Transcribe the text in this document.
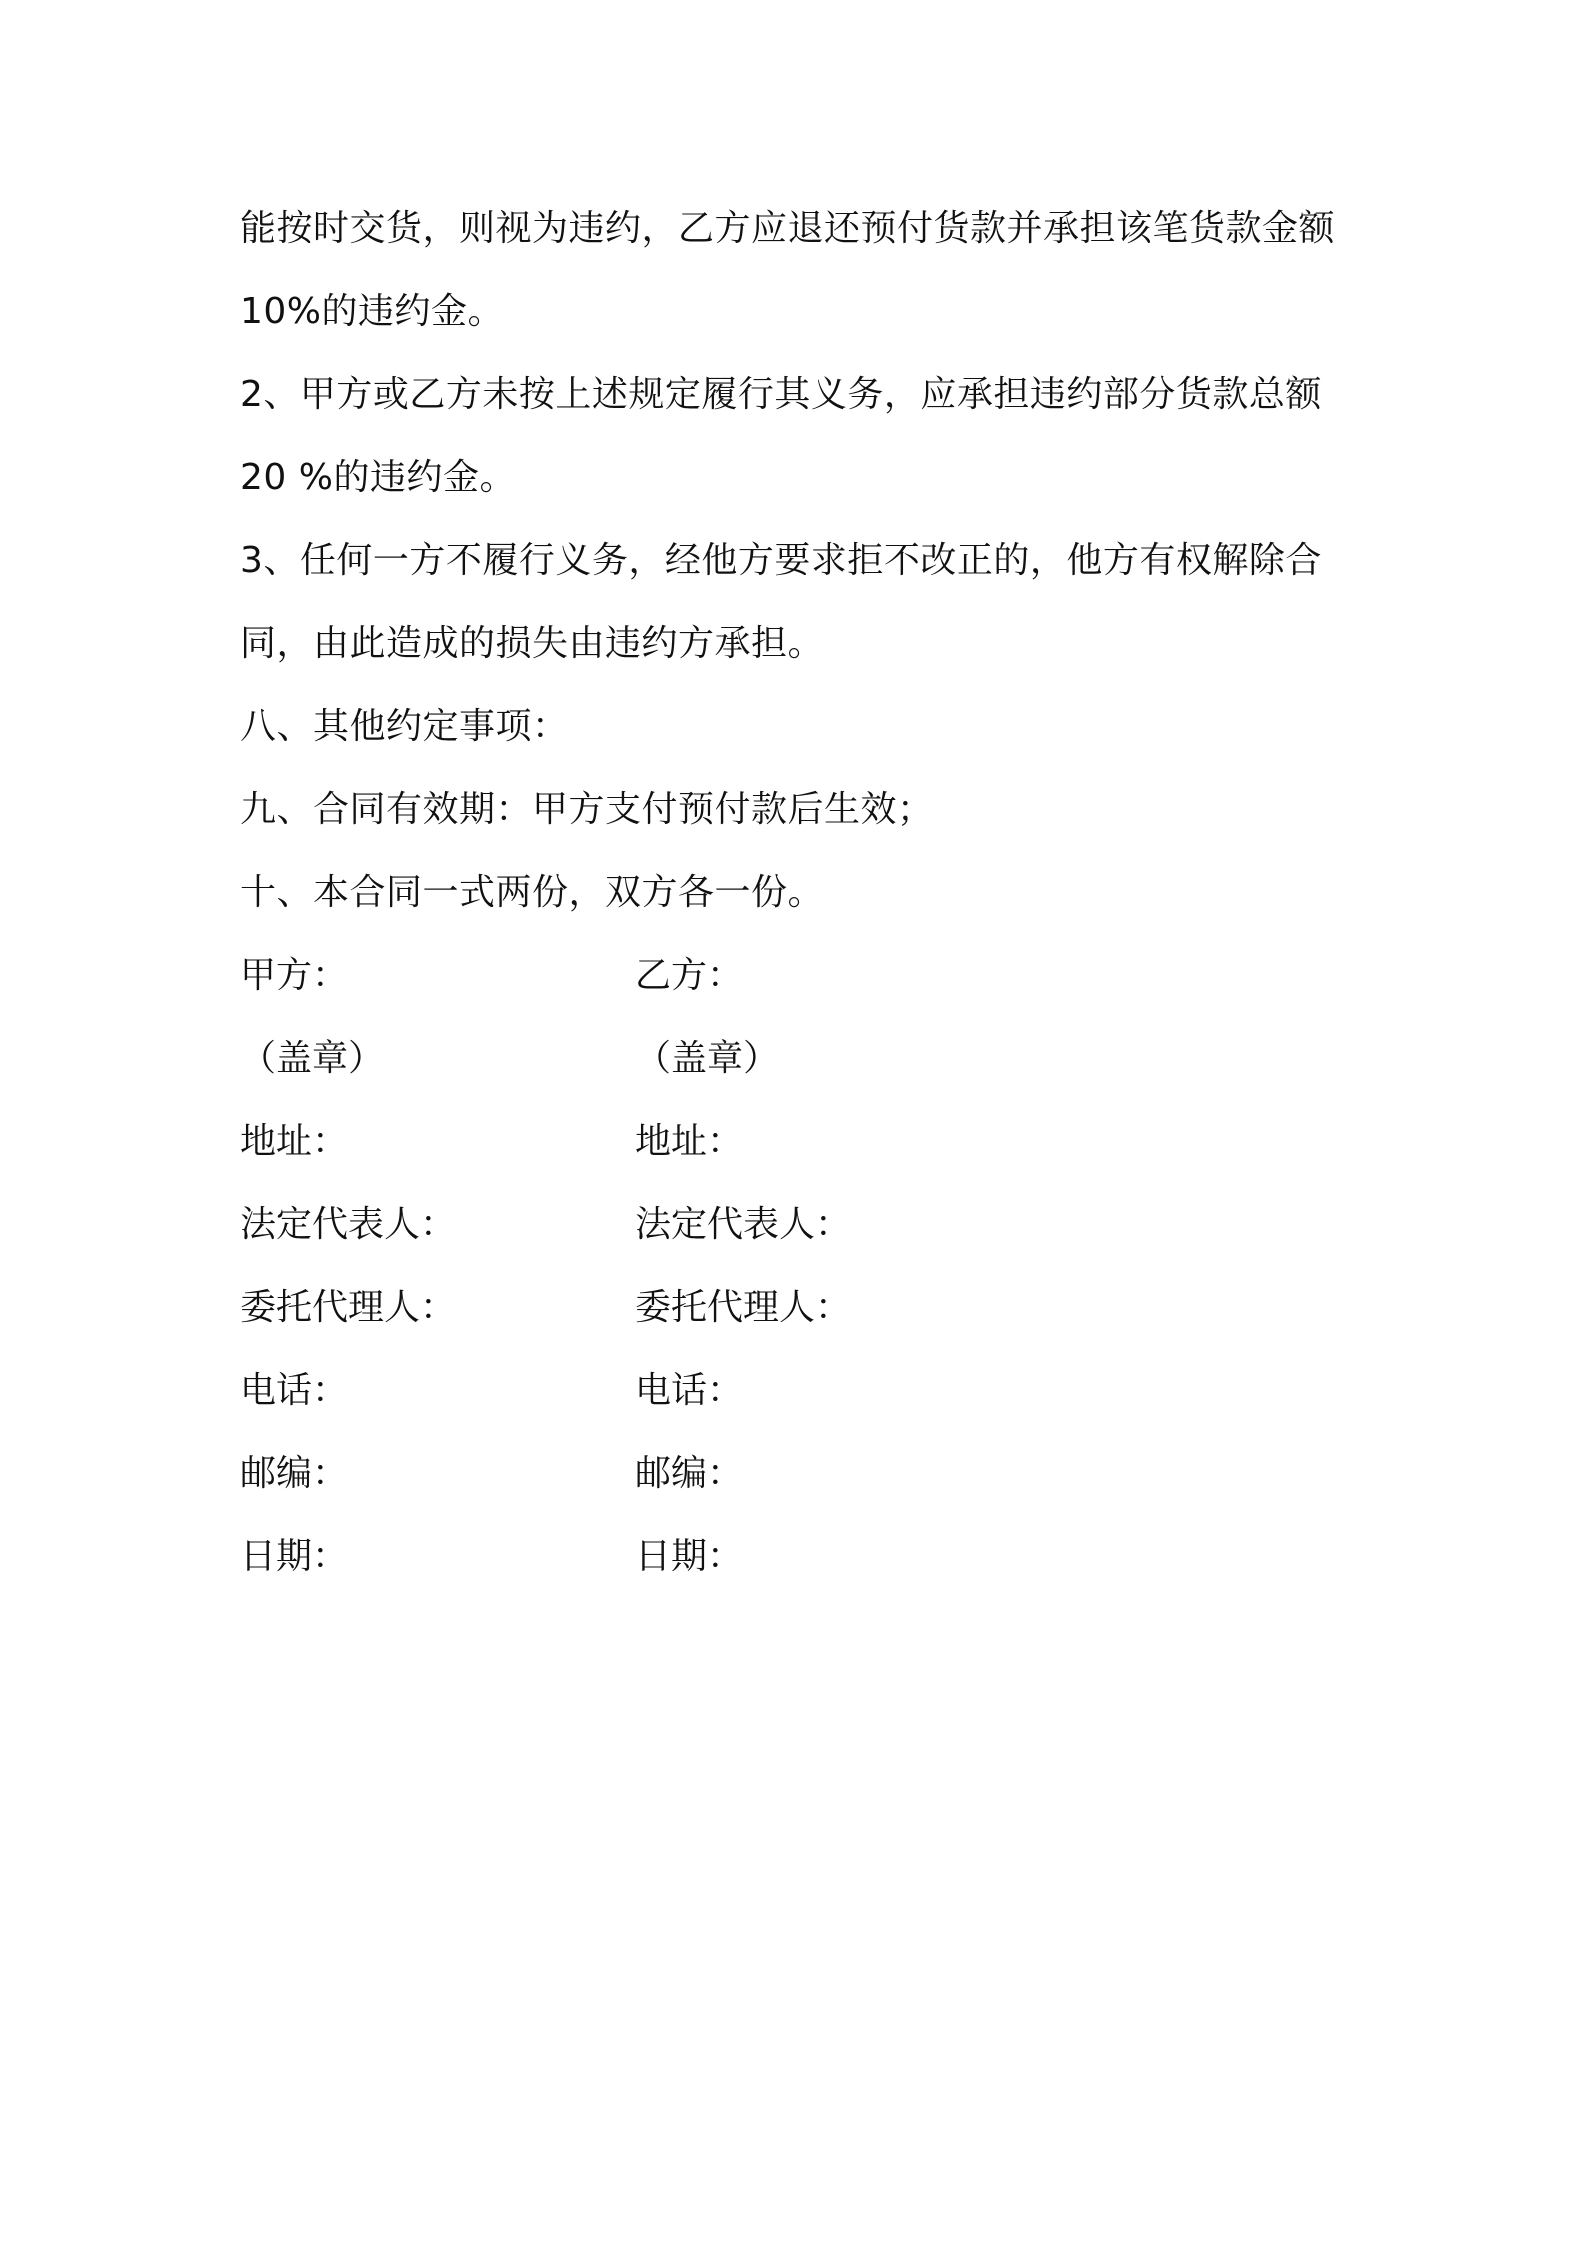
能按时交货，则视为违约，乙方应退还预付货款并承担该笔货款金额
10%的违约金。
2、甲方或乙方未按上述规定履行其义务，应承担违约部分货款总额
20 %的违约金。
3、任何一方不履行义务，经他方要求拒不改正的，他方有权解除合
同，由此造成的损失由违约方承担。
八、其他约定事项：
九、合同有效期：甲方支付预付款后生效；
十、本合同一式两份，双方各一份。
甲方：	乙方：
（盖章）	（盖章）
地址：	地址：
法定代表人：	法定代表人：
委托代理人：	委托代理人：
电话：	电话：
邮编：	邮编：
日期：	日期：
